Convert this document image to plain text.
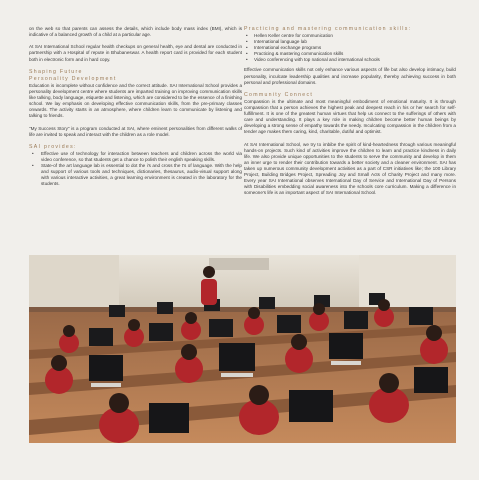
on the web so that parents can assess the details, which include body mass index (BMI), which is indicative of a balanced growth of a child at a particular age.

At SAI International School regular health checkups on general health, eye and dental are conducted in partnership with a Hospital of repute in Bhubaneswar. A health report card is provided for each student both in electronic form and in hard copy.

Shaping Future
Personality Development

Education is incomplete without confidence and the correct attitude. SAI International School provides a personality development centre where students are imparted training on improving communication skills like talking, body language, etiquette and listening, which are considered to be the essence of a finishing school. We lay emphasis on developing effective communication skills, from the pre-primary classes onwards. The activity starts in an atmosphere, where children learn to communicate by listening and talking to friends.

"My Success Story" is a program conducted at SAI, where eminent personalities from different walks of life are invited to speak and interact with the children as a role model.

SAI provides:
• Effective use of technology for interaction between teachers and children across the world via video conference, so that students get a chance to polish their english speaking skills.
• State-of the art language lab is essential to dot the i's and cross the t's of language. With the help and support of various tools and techniques, dictionaries, thesaurus, audio-visual support along with various interactive activities, a great learning environment is created in the laboratory for the students.
Practicing and mastering communication skills:
• Hellen Keller centre for communication
• International language lab
• International exchange programs
• Practicing & mastering communication skills
• Video conferencing with top national and international schools

Effective communication skills not only enhance various aspects of life but also develop intimacy, build personality, inculcate leadership qualities and increase popularity, thereby achieving success in both personal and professional domains.

Community Connect

Compassion is the ultimate and most meaningful embodiment of emotional maturity. It is through compassion that a person achieves the highest peak and deepest reach in his or her search for self-fulfillment. It is one of the greatest human virtues that help us connect to the sufferings of others with care and understanding. It plays a key role in making children become better human beings by developing a strong sense of empathy towards the needy. Inculcating compassion in the children from a tender age makes them caring, kind, charitable, dutiful and optimist.

At SAI International School, we try to imbibe the spirit of kind-heartedness through various meaningful hands-on projects. Such kind of activities improve the children to learn and practice kindness in daily life. We also provide unique opportunities to the students to serve the community and develop in them an inner urge to render their contribution towards a better society and a cleaner environment. SAI has taken up numerous community development activities as a part of CSR initiatives like; the 100 Library Project, Building Bridges Project, Spreading Joy and Small Acts of Charity Project and many more. Every year SAI International observes International Day of Service and International Day of Persons with Disabilities embedding social awareness into the schools core curriculum. Making a difference in someone's life is an important aspect of SAI International School.
